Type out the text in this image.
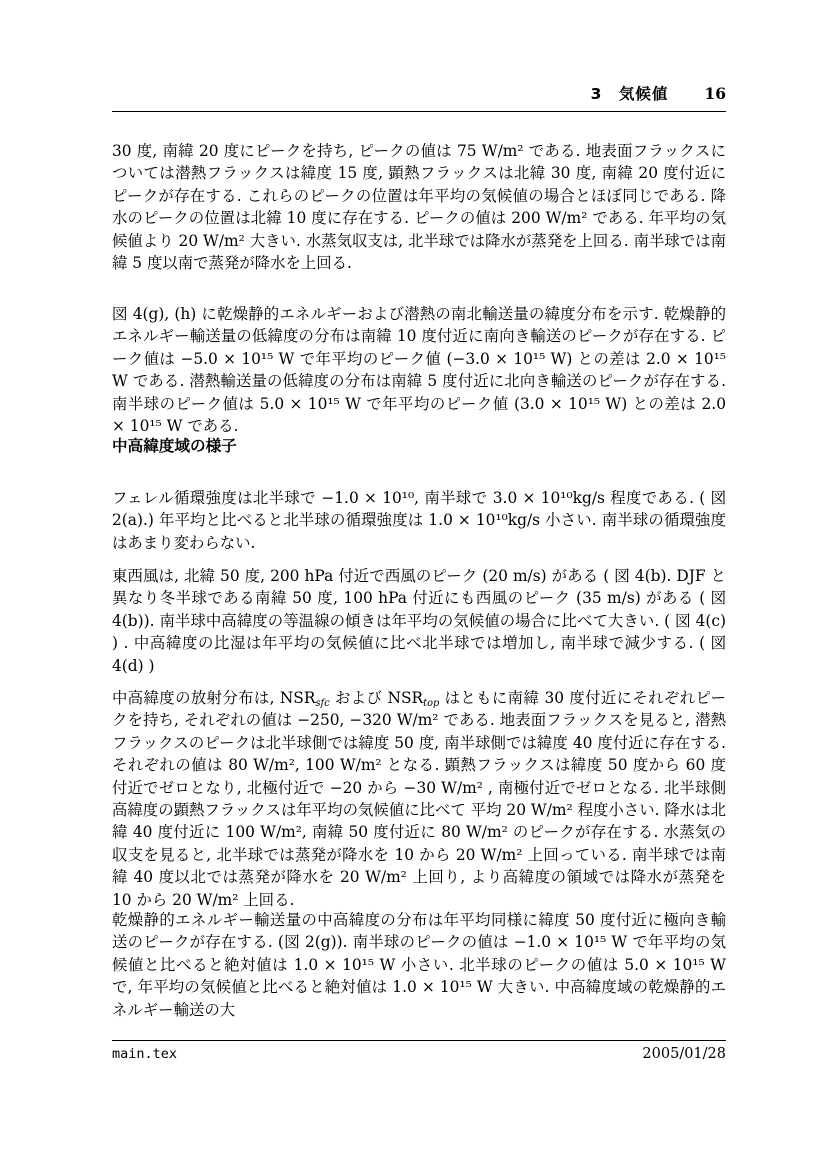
3　気候値 16

30 度, 南緯 20 度にピークを持ち, ピークの値は 75 W/m² である. 地表面フラックスについては潜熱フラックスは緯度 15 度, 顕熱フラックスは北緯 30 度, 南緯 20 度付近にピークが存在する. これらのピークの位置は年平均の気候値の場合とほぼ同じである. 降水のピークの位置は北緯 10 度に存在する. ピークの値は 200 W/m² である. 年平均の気候値より 20 W/m² 大きい. 水蒸気収支は, 北半球では降水が蒸発を上回る. 南半球では南緯 5 度以南で蒸発が降水を上回る.

図 4(g), (h) に乾燥静的エネルギーおよび潜熱の南北輸送量の緯度分布を示す. 乾燥静的エネルギー輸送量の低緯度の分布は南緯 10 度付近に南向き輸送のピークが存在する. ピーク値は −5.0 × 10¹⁵ W で年平均のピーク値 (−3.0 × 10¹⁵ W) との差は 2.0 × 10¹⁵ W である. 潜熱輸送量の低緯度の分布は南緯 5 度付近に北向き輸送のピークが存在する. 南半球のピーク値は 5.0 × 10¹⁵ W で年平均のピーク値 (3.0 × 10¹⁵ W) との差は 2.0 × 10¹⁵ W である.

中高緯度域の様子

フェレル循環強度は北半球で −1.0 × 10¹⁰, 南半球で 3.0 × 10¹⁰kg/s 程度である. ( 図 2(a).) 年平均と比べると北半球の循環強度は 1.0 × 10¹⁰kg/s 小さい. 南半球の循環強度はあまり変わらない.

東西風は, 北緯 50 度, 200 hPa 付近で西風のピーク (20 m/s) がある ( 図 4(b). DJF と異なり冬半球である南緯 50 度, 100 hPa 付近にも西風のピーク (35 m/s) がある ( 図 4(b)). 南半球中高緯度の等温線の傾きは年平均の気候値の場合に比べて大きい. ( 図 4(c) ) . 中高緯度の比湿は年平均の気候値に比べ北半球では増加し, 南半球で減少する. ( 図 4(d) )

中高緯度の放射分布は, $NSR_{sfc}$ および $NSR_{top}$ はともに南緯 30 度付近にそれぞれピークを持ち, それぞれの値は −250, −320 W/m² である. 地表面フラックスを見ると, 潜熱フラックスのピークは北半球側では緯度 50 度, 南半球側では緯度 40 度付近に存在する. それぞれの値は 80 W/m², 100 W/m² となる. 顕熱フラックスは緯度 50 度から 60 度付近でゼロとなり, 北極付近で −20 から −30 W/m² , 南極付近でゼロとなる. 北半球側高緯度の顕熱フラックスは年平均の気候値に比べて 平均 20 W/m² 程度小さい. 降水は北緯 40 度付近に 100 W/m², 南緯 50 度付近に 80 W/m² のピークが存在する. 水蒸気の収支を見ると, 北半球では蒸発が降水を 10 から 20 W/m² 上回っている. 南半球では南緯 40 度以北では蒸発が降水を 20 W/m² 上回り, より高緯度の領域では降水が蒸発を 10 から 20 W/m² 上回る.

乾燥静的エネルギー輸送量の中高緯度の分布は年平均同様に緯度 50 度付近に極向き輸送のピークが存在する. (図 2(g)). 南半球のピークの値は −1.0 × 10¹⁵ W で年平均の気候値と比べると絶対値は 1.0 × 10¹⁵ W 小さい. 北半球のピークの値は 5.0 × 10¹⁵ W で, 年平均の気候値と比べると絶対値は 1.0 × 10¹⁵ W 大きい. 中高緯度域の乾燥静的エネルギー輸送の大

main.tex	2005/01/28
